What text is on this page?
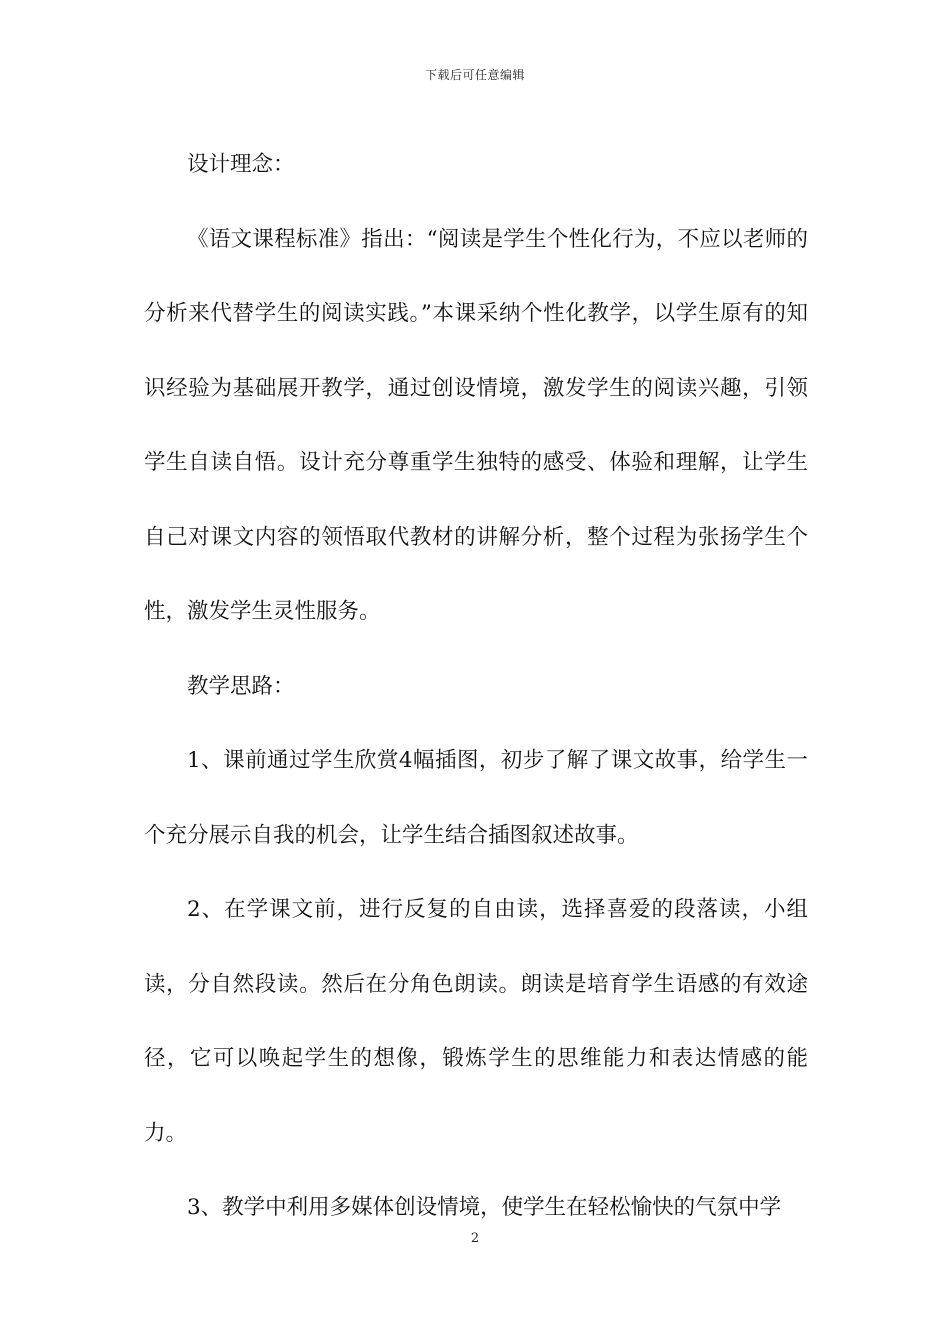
下载后可任意编辑

设计理念：

《语文课程标准》指出：“阅读是学生个性化行为，不应以老师的分析来代替学生的阅读实践。”本课采纳个性化教学，以学生原有的知识经验为基础展开教学，通过创设情境，激发学生的阅读兴趣，引领学生自读自悟。设计充分尊重学生独特的感受、体验和理解，让学生自己对课文内容的领悟取代教材的讲解分析，整个过程为张扬学生个性，激发学生灵性服务。

教学思路：

1、课前通过学生欣赏4幅插图，初步了解了课文故事，给学生一个充分展示自我的机会，让学生结合插图叙述故事。

2、在学课文前，进行反复的自由读，选择喜爱的段落读，小组读，分自然段读。然后在分角色朗读。朗读是培育学生语感的有效途径，它可以唤起学生的想像，锻炼学生的思维能力和表达情感的能力。

3、教学中利用多媒体创设情境，使学生在轻松愉快的气氛中学

2
